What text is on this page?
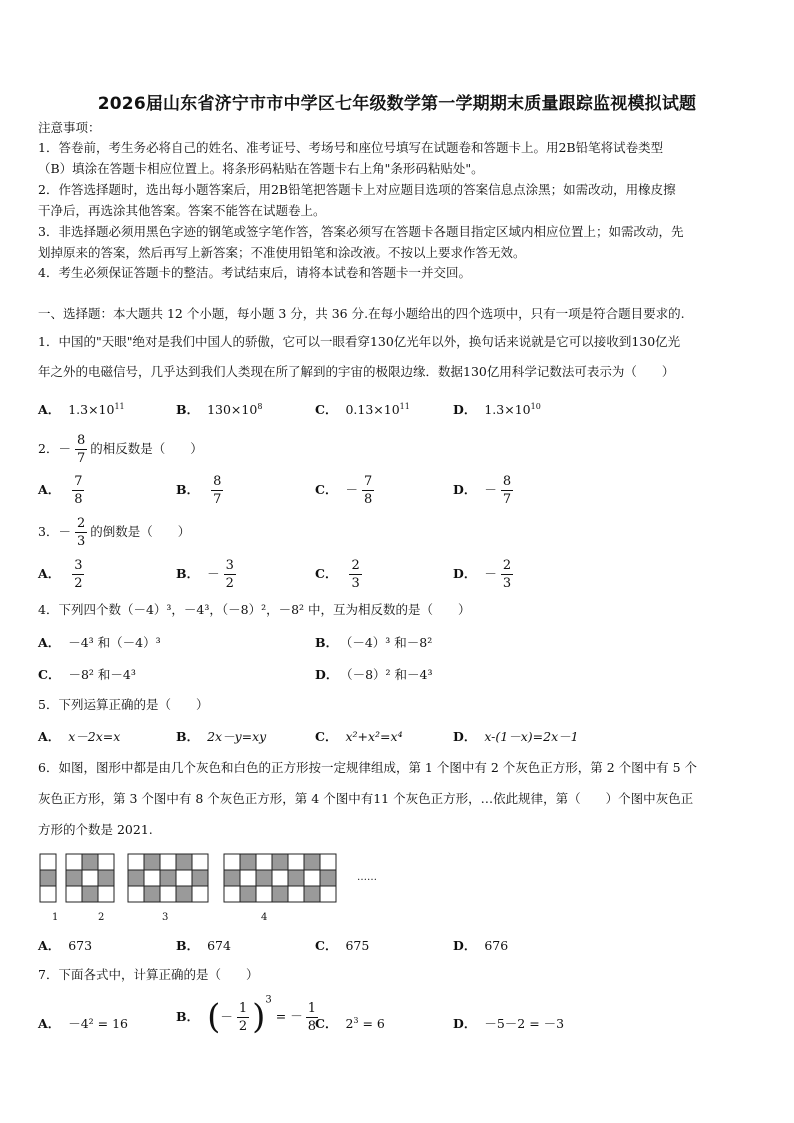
2026届山东省济宁市市中学区七年级数学第一学期期末质量跟踪监视模拟试题
注意事项：
1．答卷前，考生务必将自己的姓名、准考证号、考场号和座位号填写在试题卷和答题卡上。用2B铅笔将试卷类型
（B）填涂在答题卡相应位置上。将条形码粘贴在答题卡右上角"条形码粘贴处"。
2．作答选择题时，选出每小题答案后，用2B铅笔把答题卡上对应题目选项的答案信息点涂黑；如需改动，用橡皮擦
干净后，再选涂其他答案。答案不能答在试题卷上。
3．非选择题必须用黑色字迹的钢笔或签字笔作答，答案必须写在答题卡各题目指定区域内相应位置上；如需改动，先
划掉原来的答案，然后再写上新答案；不准使用铅笔和涂改液。不按以上要求作答无效。
4．考生必须保证答题卡的整洁。考试结束后，请将本试卷和答题卡一并交回。
一、选择题：本大题共 12 个小题，每小题 3 分，共 36 分.在每小题给出的四个选项中，只有一项是符合题目要求的.
1．中国的"天眼"绝对是我们中国人的骄傲，它可以一眼看穿130亿光年以外，换句话来说就是它可以接收到130亿光
年之外的电磁信号，几乎达到我们人类现在所了解到的宇宙的极限边缘．数据130亿用科学记数法可表示为（　　）
A． $1.3\times 10^{11}$	B． $130\times 10^8$	C． $0.13\times 10^{11}$	D． $1.3\times 10^{10}$
2．－ $\frac{8}{7}$ 的相反数是（　　）
A． $\frac{7}{8}$	B． $\frac{8}{7}$	C． － $\frac{7}{8}$	D． － $\frac{8}{7}$
3．－ $\frac{2}{3}$ 的倒数是（　　）
A． $\frac{3}{2}$	B． － $\frac{3}{2}$	C． $\frac{2}{3}$	D． － $\frac{2}{3}$
4．下列四个数（－4）³，－4³，（－8）²，－8² 中，互为相反数的是（　　）
A． －4³ 和（－4）³	B． （－4）³ 和－8²
C． －8² 和－4³	D． （－8）² 和－4³
5．下列运算正确的是（　　）
A． x－2x=x	B． 2x－y=xy	C． x²+x²=x⁴	D． x-(1－x)=2x－1
6．如图，图形中都是由几个灰色和白色的正方形按一定规律组成，第 1 个图中有 2 个灰色正方形，第 2 个图中有 5 个
灰色正方形，第 3 个图中有 8 个灰色正方形，第 4 个图中有11 个灰色正方形，…依此规律，第（　　）个图中灰色正
方形的个数是 2021.
1	2	3	4
……
A． 673	B． 674	C． 675	D． 676
7．下面各式中，计算正确的是（　　）
A． －4² = 16	B． (－ $\frac{1}{2} )^3$ = － $\frac{1}{8}$
C． $2^3 = 6$	D． －5－2 = －3
